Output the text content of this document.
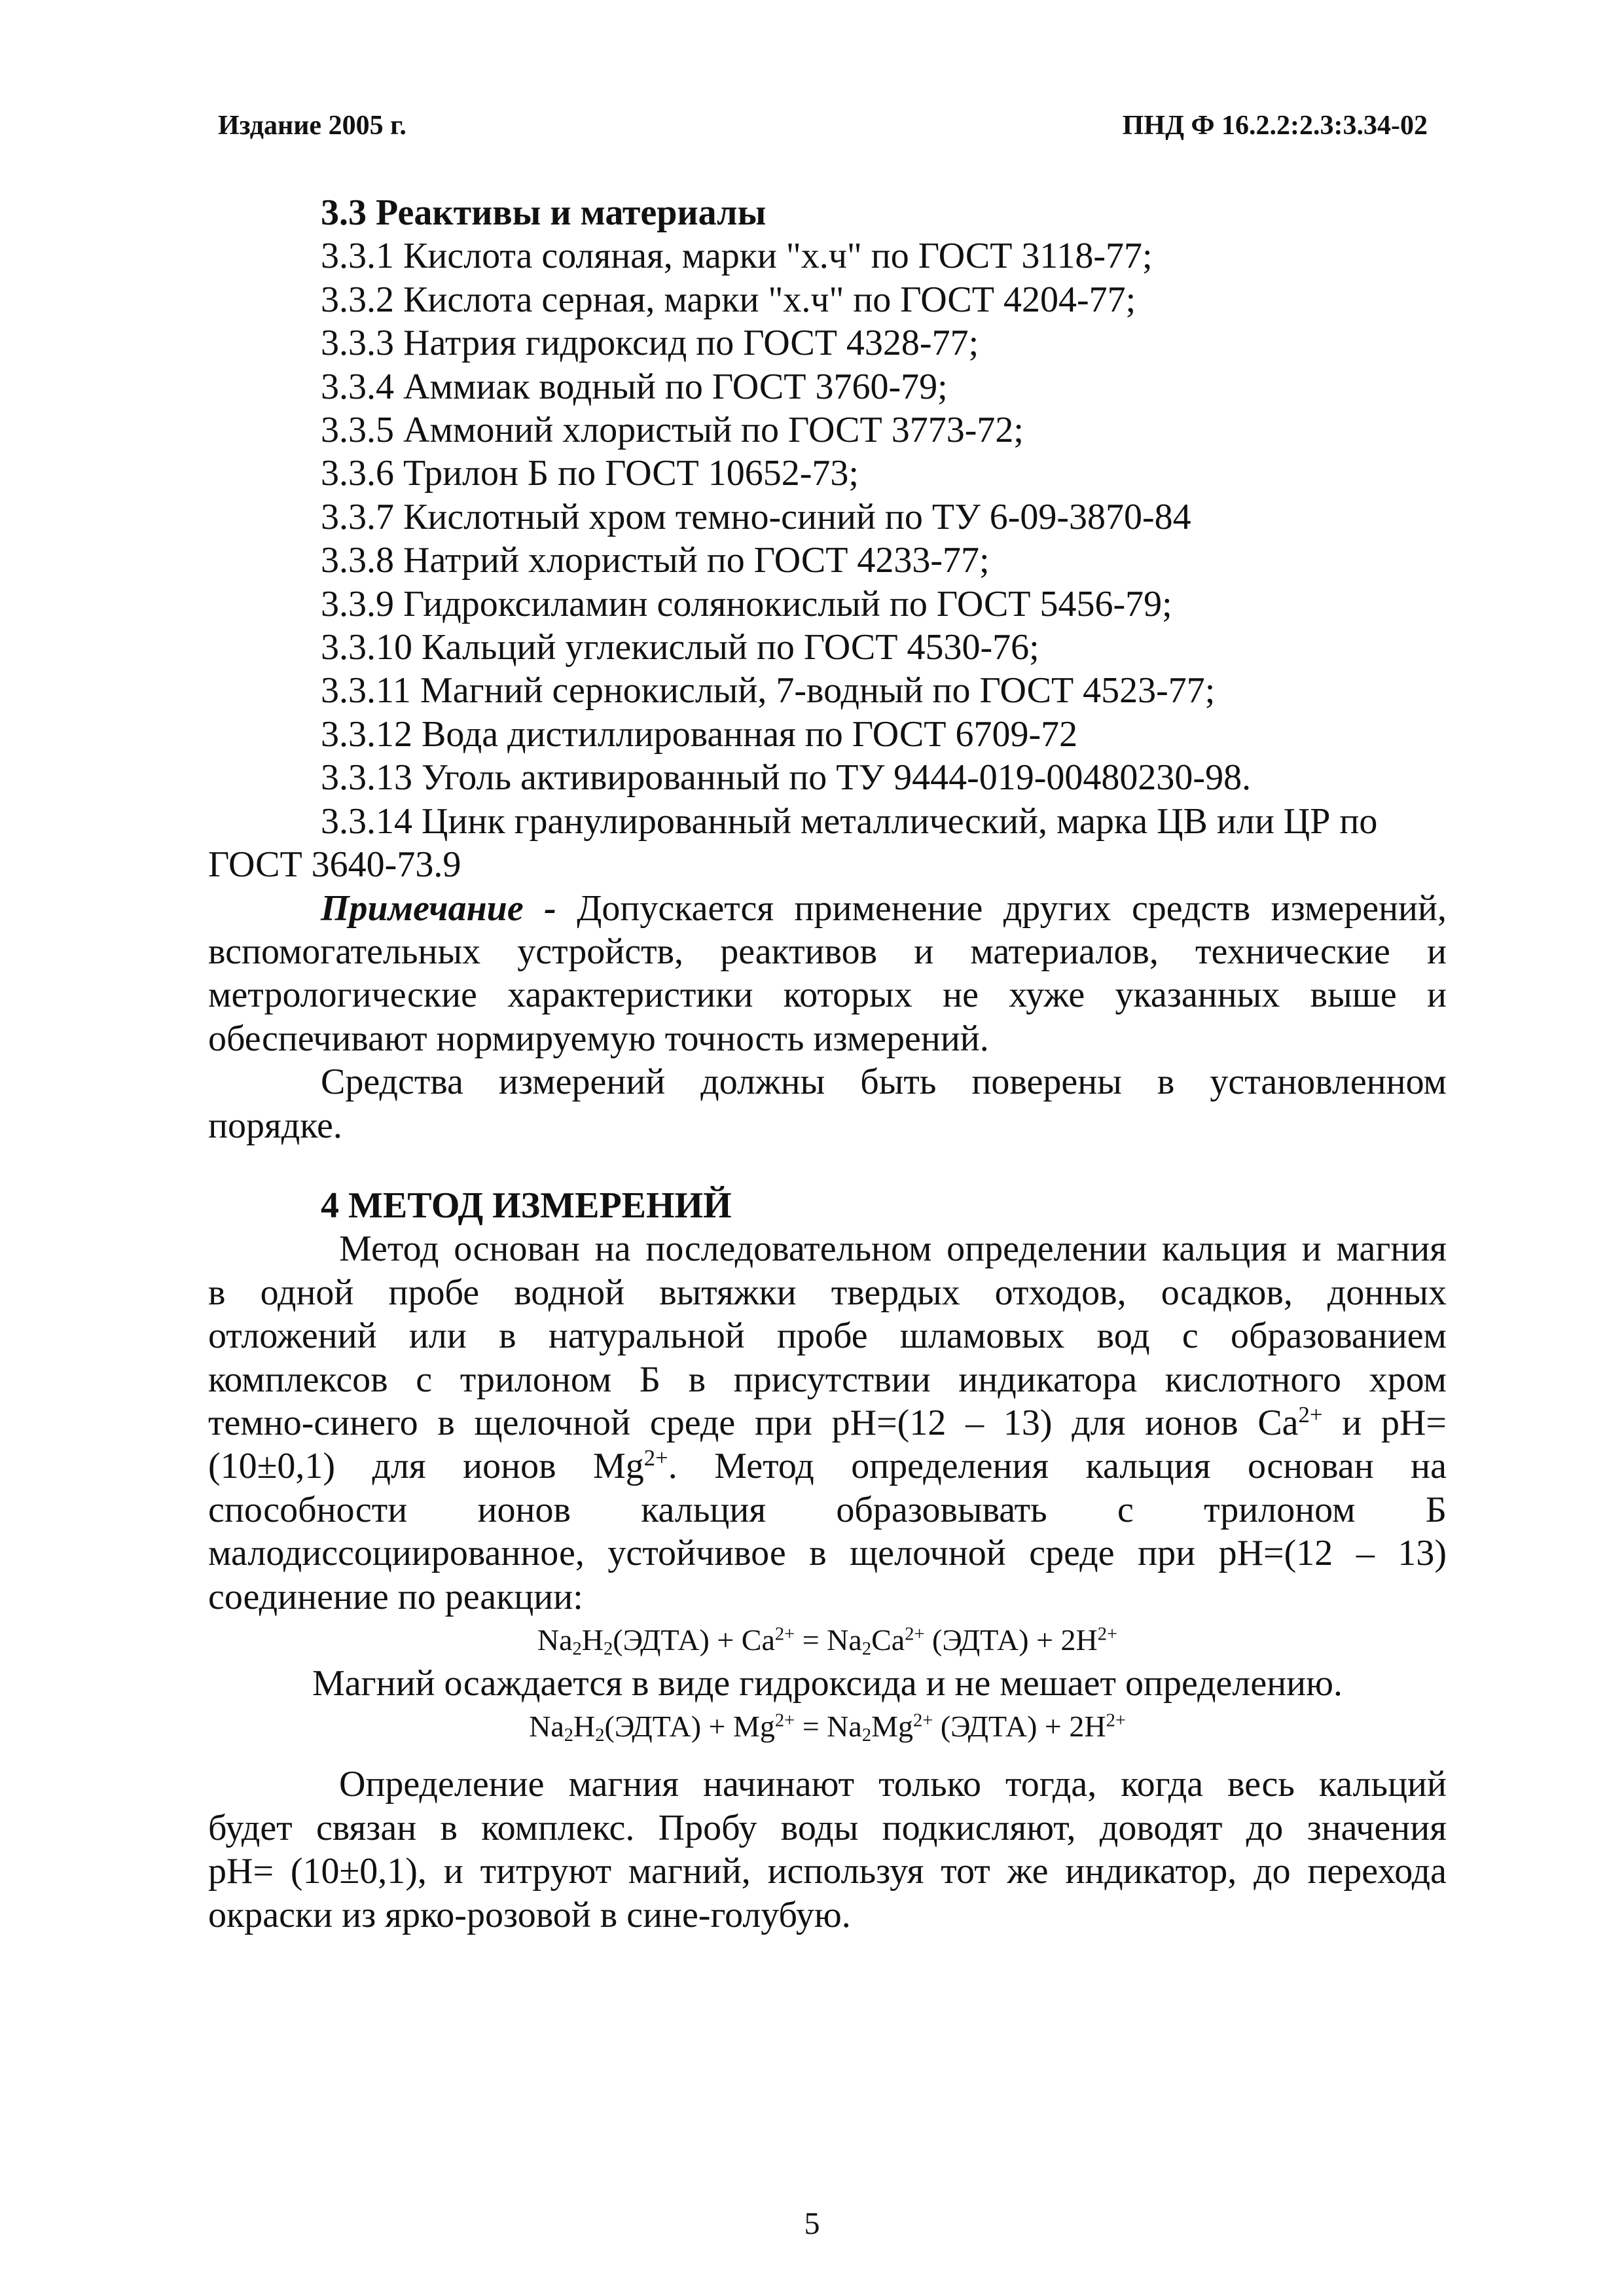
Издание 2005 г.	ПНД Ф 16.2.2:2.3:3.34-02
3.3 Реактивы и материалы
3.3.1 Кислота соляная, марки "х.ч" по ГОСТ 3118-77;
3.3.2 Кислота серная, марки "х.ч" по ГОСТ 4204-77;
3.3.3 Натрия гидроксид по ГОСТ 4328-77;
3.3.4 Аммиак водный по ГОСТ 3760-79;
3.3.5 Аммоний хлористый по ГОСТ 3773-72;
3.3.6 Трилон Б по ГОСТ 10652-73;
3.3.7 Кислотный хром темно-синий по ТУ 6-09-3870-84
3.3.8 Натрий хлористый по ГОСТ 4233-77;
3.3.9 Гидроксиламин солянокислый по ГОСТ 5456-79;
3.3.10 Кальций углекислый по ГОСТ 4530-76;
3.3.11 Магний сернокислый, 7-водный по ГОСТ 4523-77;
3.3.12 Вода дистиллированная по ГОСТ 6709-72
3.3.13 Уголь активированный по ТУ 9444-019-00480230-98.
3.3.14 Цинк гранулированный металлический, марка ЦВ или ЦР по
ГОСТ 3640-73.9
Примечание - Допускается применение других средств измерений,
вспомогательных устройств, реактивов и материалов, технические и
метрологические характеристики которых не хуже указанных выше и
обеспечивают нормируемую точность измерений.
Средства измерений должны быть поверены в установленном
порядке.
4 МЕТОД ИЗМЕРЕНИЙ
Метод основан на последовательном определении кальция и магния
в одной пробе водной вытяжки твердых отходов, осадков, донных
отложений или в натуральной пробе шламовых вод с образованием
комплексов с трилоном Б в присутствии индикатора кислотного хром
темно-синего в щелочной среде при pH=(12 – 13) для ионов $Ca^{2+}$ и pH=
(10±0,1) для ионов $Mg^{2+}$. Метод определения кальция основан на
способности ионов кальция образовывать с трилоном Б
малодиссоциированное, устойчивое в щелочной среде при pH=(12 – 13)
соединение по реакции:
$Na_2H_2(ЭДТА) + Ca^{2+} = Na_2Ca^{2+}$ (ЭДТА) + $2H^{2+}$
Магний осаждается в виде гидроксида и не мешает определению.
$Na_2H_2(ЭДТА) + Mg^{2+} = Na_2Mg^{2+}$ (ЭДТА) + $2H^{2+}$
Определение магния начинают только тогда, когда весь кальций
будет связан в комплекс. Пробу воды подкисляют, доводят до значения
pH= (10±0,1), и титруют магний, используя тот же индикатор, до перехода
окраски из ярко-розовой в сине-голубую.
5
